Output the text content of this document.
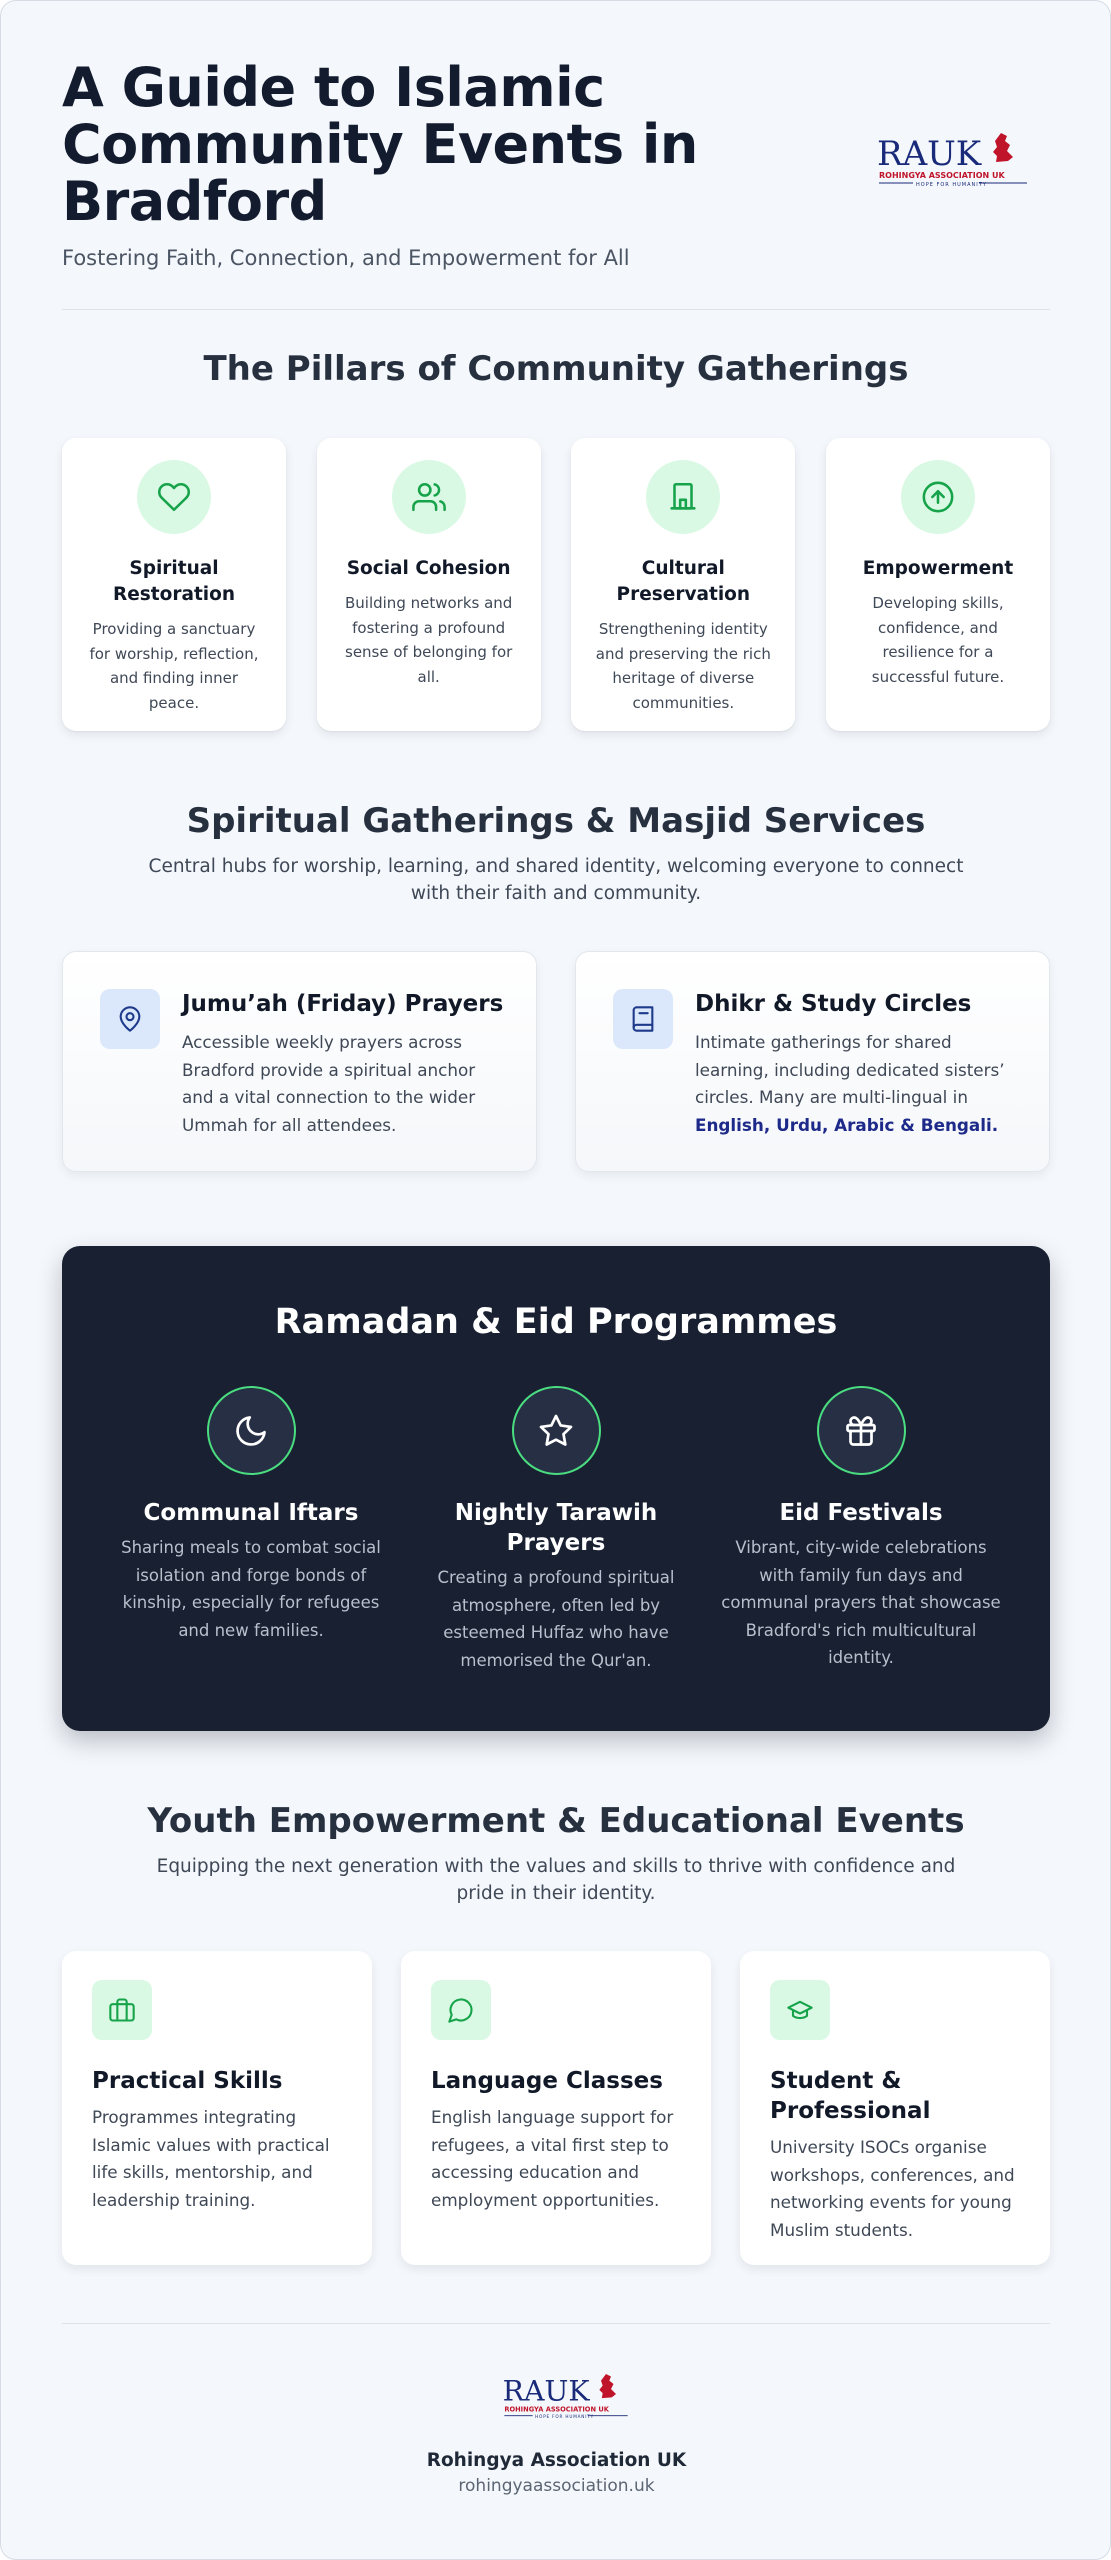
A Guide to Islamic Community Events in Bradford

Fostering Faith, Connection, and Empowerment for All

RAUK
ROHINGYA ASSOCIATION UK
HOPE FOR HUMANITY
The Pillars of Community Gatherings
Spiritual Restoration
Providing a sanctuary for worship, reflection, and finding inner peace.
Social Cohesion
Building networks and fostering a profound sense of belonging for all.
Cultural Preservation
Strengthening identity and preserving the rich heritage of diverse communities.
Empowerment
Developing skills, confidence, and resilience for a successful future.
Spiritual Gatherings & Masjid Services

Central hubs for worship, learning, and shared identity, welcoming everyone to connect with their faith and community.

Jumu’ah (Friday) Prayers
Accessible weekly prayers across Bradford provide a spiritual anchor and a vital connection to the wider Ummah for all attendees.
Dhikr & Study Circles
Intimate gatherings for shared learning, including dedicated sisters’ circles. Many are multi-lingual in English, Urdu, Arabic & Bengali.
Ramadan & Eid Programmes
Communal Iftars
Sharing meals to combat social isolation and forge bonds of kinship, especially for refugees and new families.
Nightly Tarawih Prayers
Creating a profound spiritual atmosphere, often led by esteemed Huffaz who have memorised the Qur'an.
Eid Festivals
Vibrant, city-wide celebrations with family fun days and communal prayers that showcase Bradford's rich multicultural identity.
Youth Empowerment & Educational Events

Equipping the next generation with the values and skills to thrive with confidence and pride in their identity.

Practical Skills
Programmes integrating Islamic values with practical life skills, mentorship, and leadership training.
Language Classes
English language support for refugees, a vital first step to accessing education and employment opportunities.
Student & Professional
University ISOCs organise workshops, conferences, and networking events for young Muslim students.
RAUK
ROHINGYA ASSOCIATION UK
HOPE FOR HUMANITY
Rohingya Association UK
rohingyaassociation.uk
